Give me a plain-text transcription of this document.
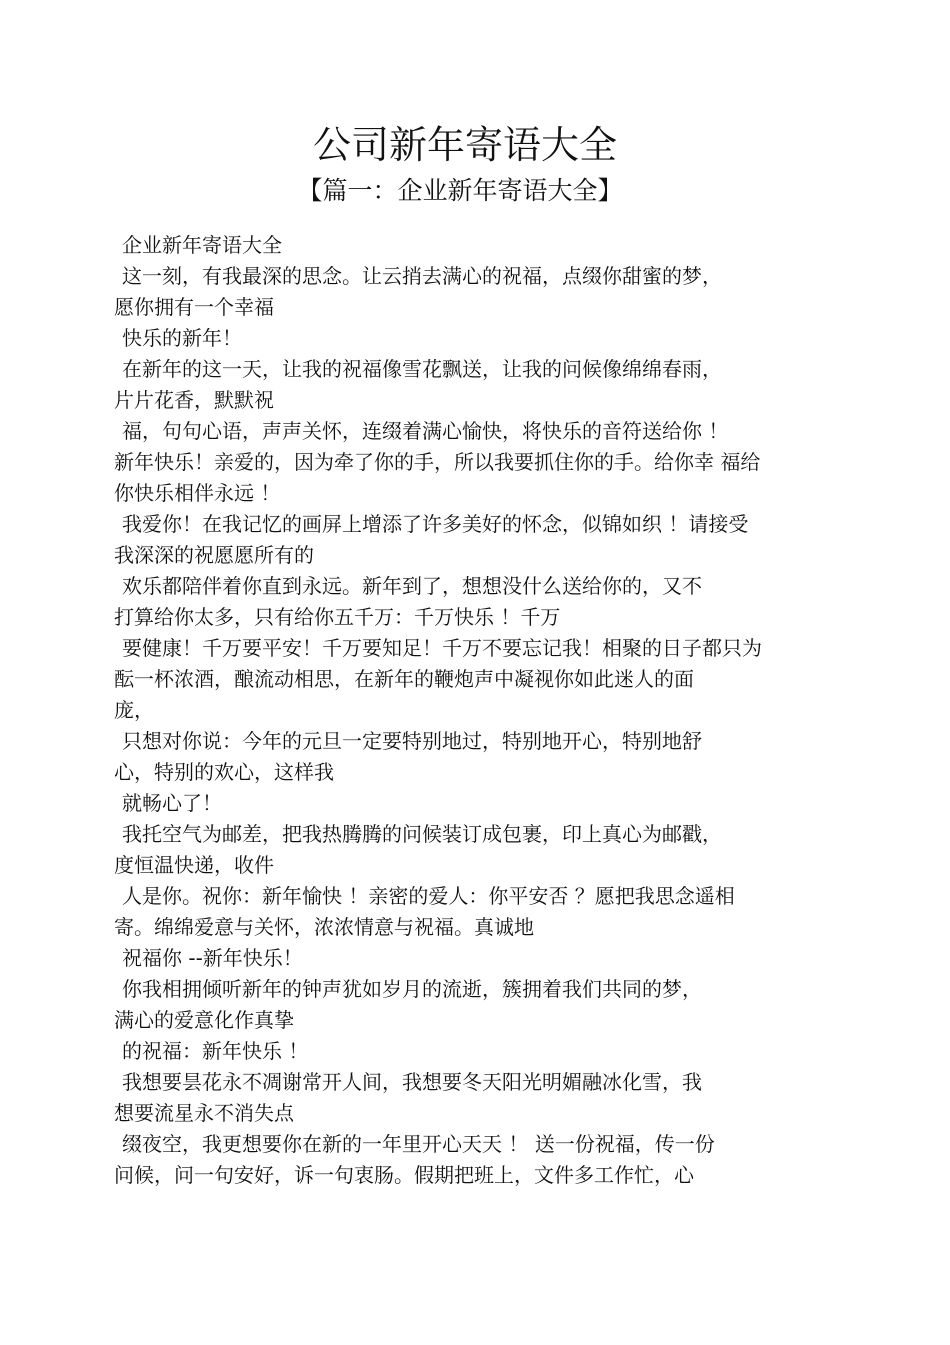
公司新年寄语大全
【篇一：企业新年寄语大全】
企业新年寄语大全
这一刻，有我最深的思念。让云捎去满心的祝福，点缀你甜蜜的梦，
愿你拥有一个幸福
快乐的新年！
在新年的这一天，让我的祝福像雪花飘送，让我的问候像绵绵春雨，
片片花香，默默祝
福，句句心语，声声关怀，连缀着满心愉快，将快乐的音符送给你 ！
新年快乐！亲爱的，因为牵了你的手，所以我要抓住你的手。给你幸 福给
你快乐相伴永远 ！
我爱你！在我记忆的画屏上增添了许多美好的怀念，似锦如织 ！请接受
我深深的祝愿愿所有的
欢乐都陪伴着你直到永远。新年到了，想想没什么送给你的，又不
打算给你太多，只有给你五千万：千万快乐 ！千万
要健康！千万要平安！千万要知足！千万不要忘记我！相聚的日子都只为
酝一杯浓酒，酿流动相思，在新年的鞭炮声中凝视你如此迷人的面
庞，
只想对你说：今年的元旦一定要特别地过，特别地开心，特别地舒
心，特别的欢心，这样我
就畅心了！
我托空气为邮差，把我热腾腾的问候装订成包裹，印上真心为邮戳，
度恒温快递，收件
人是你。祝你：新年愉快 ！亲密的爱人：你平安否 ？愿把我思念遥相
寄。绵绵爱意与关怀，浓浓情意与祝福。真诚地
祝福你 --新年快乐！
你我相拥倾听新年的钟声犹如岁月的流逝，簇拥着我们共同的梦，
满心的爱意化作真挚
的祝福：新年快乐 ！
我想要昙花永不凋谢常开人间，我想要冬天阳光明媚融冰化雪，我
想要流星永不消失点
缀夜空，我更想要你在新的一年里开心天天 ！ 送一份祝福，传一份
问候，问一句安好，诉一句衷肠。假期把班上，文件多工作忙，心
